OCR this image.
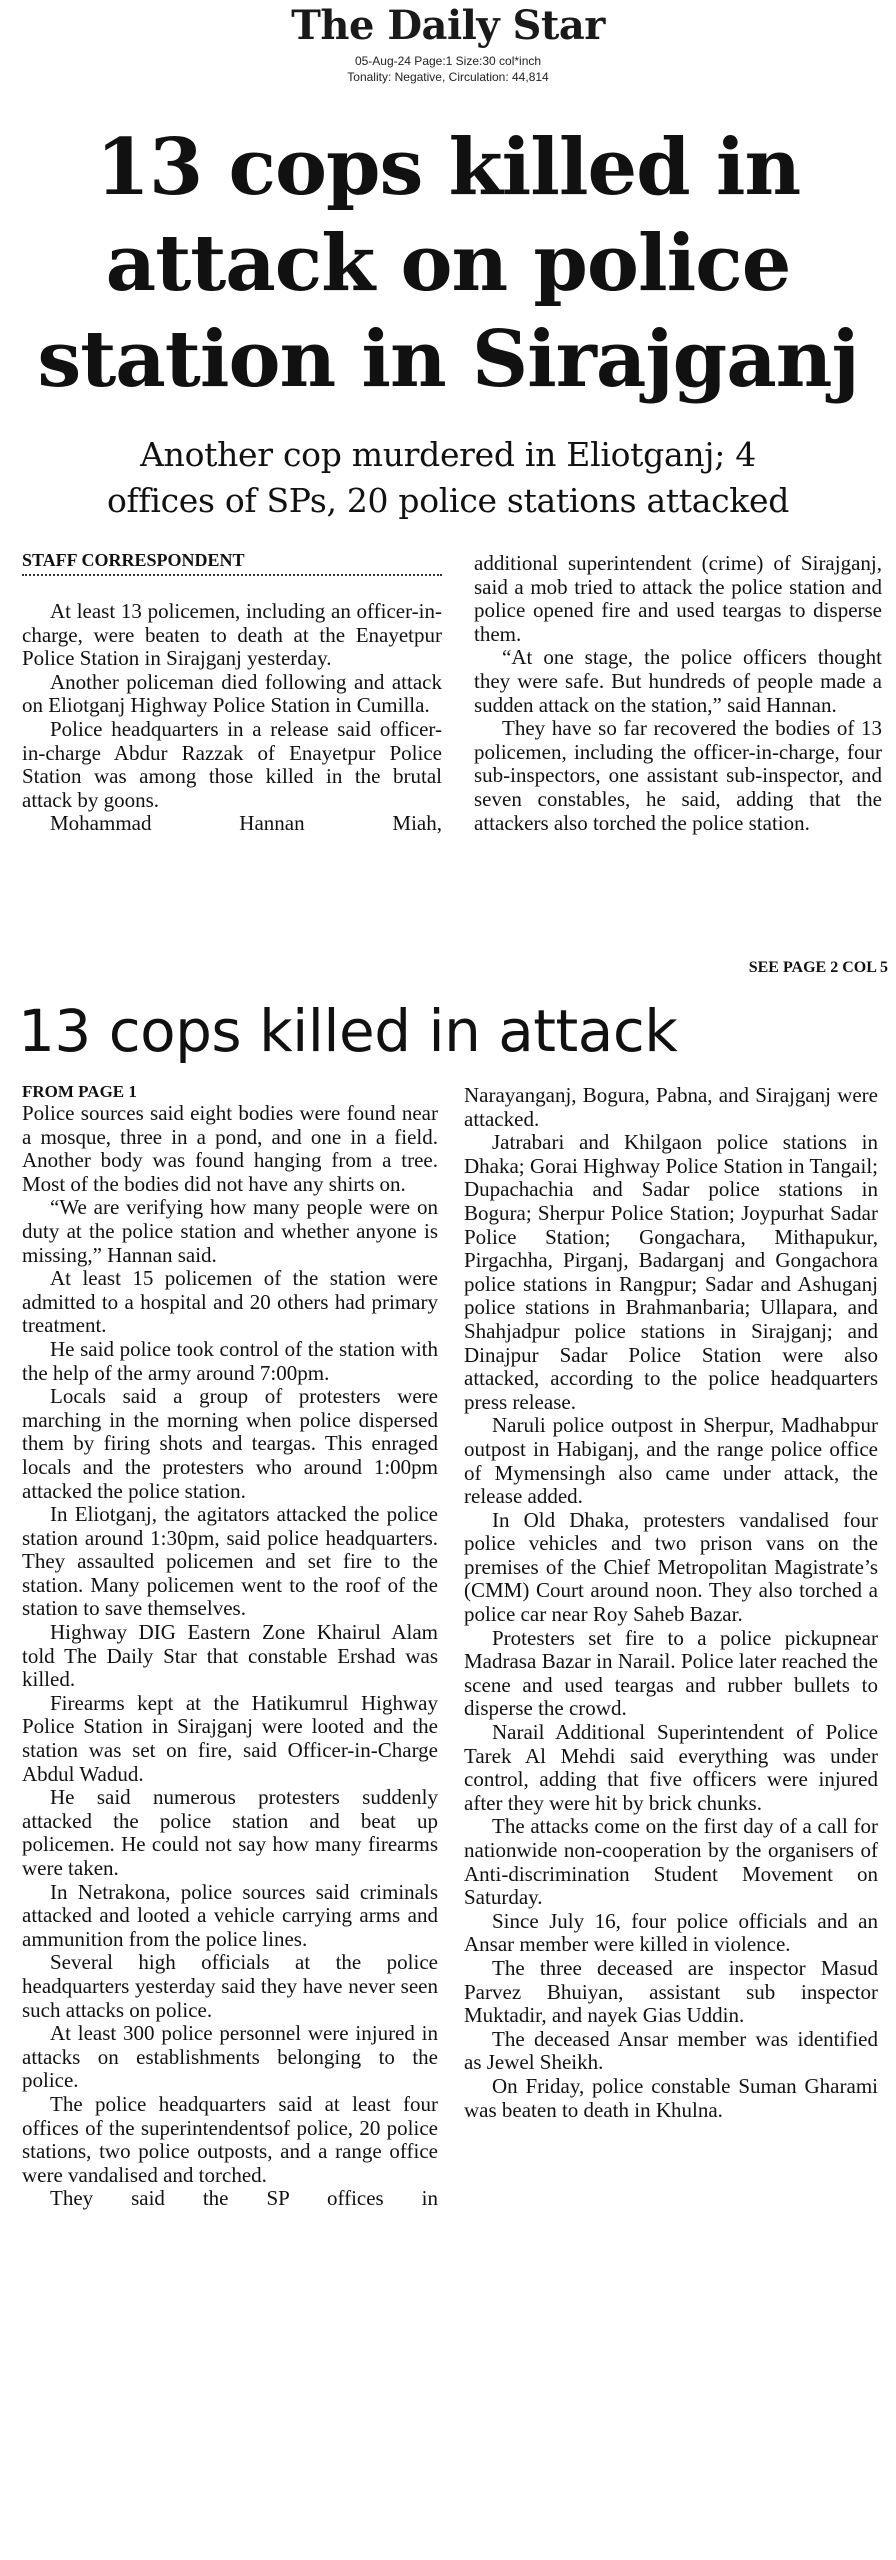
The Daily Star
05-Aug-24 Page:1 Size:30 col*inch
Tonality: Negative, Circulation: 44,814
13 cops killed in
attack on police
station in Sirajganj
Another cop murdered in Eliotganj; 4
offices of SPs, 20 police stations attacked
STAFF CORRESPONDENT

At least 13 policemen, including an officer-in-charge, were beaten to death at the Enayetpur Police Station in Sirajganj yesterday.

Another policeman died following and attack on Eliotganj Highway Police Station in Cumilla.

Police headquarters in a release said officer-in-charge Abdur Razzak of Enayetpur Police Station was among those killed in the brutal attack by goons.

Mohammad Hannan Miah,

additional superintendent (crime) of Sirajganj, said a mob tried to attack the police station and police opened fire and used teargas to disperse them.

“At one stage, the police officers thought they were safe. But hundreds of people made a sudden attack on the station,” said Hannan.

They have so far recovered the bodies of 13 policemen, including the officer-in-charge, four sub-inspectors, one assistant sub-inspector, and seven constables, he said, adding that the attackers also torched the police station.

SEE PAGE 2 COL 5
13 cops killed in attack
FROM PAGE 1

Police sources said eight bodies were found near a mosque, three in a pond, and one in a field. Another body was found hanging from a tree. Most of the bodies did not have any shirts on.

“We are verifying how many people were on duty at the police station and whether anyone is missing,” Hannan said.

At least 15 policemen of the station were admitted to a hospital and 20 others had primary treatment.

He said police took control of the station with the help of the army around 7:00pm.

Locals said a group of protesters were marching in the morning when police dispersed them by firing shots and teargas. This enraged locals and the protesters who around 1:00pm attacked the police station.

In Eliotganj, the agitators attacked the police station around 1:30pm, said police headquarters. They assaulted policemen and set fire to the station. Many policemen went to the roof of the station to save themselves.

Highway DIG Eastern Zone Khairul Alam told The Daily Star that constable Ershad was killed.

Firearms kept at the Hatikumrul Highway Police Station in Sirajganj were looted and the station was set on fire, said Officer-in-Charge Abdul Wadud.

He said numerous protesters suddenly attacked the police station and beat up policemen. He could not say how many firearms were taken.

In Netrakona, police sources said criminals attacked and looted a vehicle carrying arms and ammunition from the police lines.

Several high officials at the police headquarters yesterday said they have never seen such attacks on police.

At least 300 police personnel were injured in attacks on establishments belonging to the police.

The police headquarters said at least four offices of the superintendentsof police, 20 police stations, two police outposts, and a range office were vandalised and torched.

They said the SP offices in

Narayanganj, Bogura, Pabna, and Sirajganj were attacked.

Jatrabari and Khilgaon police stations in Dhaka; Gorai Highway Police Station in Tangail; Dupachachia and Sadar police stations in Bogura; Sherpur Police Station; Joypurhat Sadar Police Station; Gongachara, Mithapukur, Pirgachha, Pirganj, Badarganj and Gongachora police stations in Rangpur; Sadar and Ashuganj police stations in Brahmanbaria; Ullapara, and Shahjadpur police stations in Sirajganj; and Dinajpur Sadar Police Station were also attacked, according to the police headquarters press release.

Naruli police outpost in Sherpur, Madhabpur outpost in Habiganj, and the range police office of Mymensingh also came under attack, the release added.

In Old Dhaka, protesters vandalised four police vehicles and two prison vans on the premises of the Chief Metropolitan Magistrate’s (CMM) Court around noon. They also torched a police car near Roy Saheb Bazar.

Protesters set fire to a police pickupnear Madrasa Bazar in Narail. Police later reached the scene and used teargas and rubber bullets to disperse the crowd.

Narail Additional Superintendent of Police Tarek Al Mehdi said everything was under control, adding that five officers were injured after they were hit by brick chunks.

The attacks come on the first day of a call for nationwide non-cooperation by the organisers of Anti-discrimination Student Movement on Saturday.

Since July 16, four police officials and an Ansar member were killed in violence.

The three deceased are inspector Masud Parvez Bhuiyan, assistant sub inspector Muktadir, and nayek Gias Uddin.

The deceased Ansar member was identified as Jewel Sheikh.

On Friday, police constable Suman Gharami was beaten to death in Khulna.
